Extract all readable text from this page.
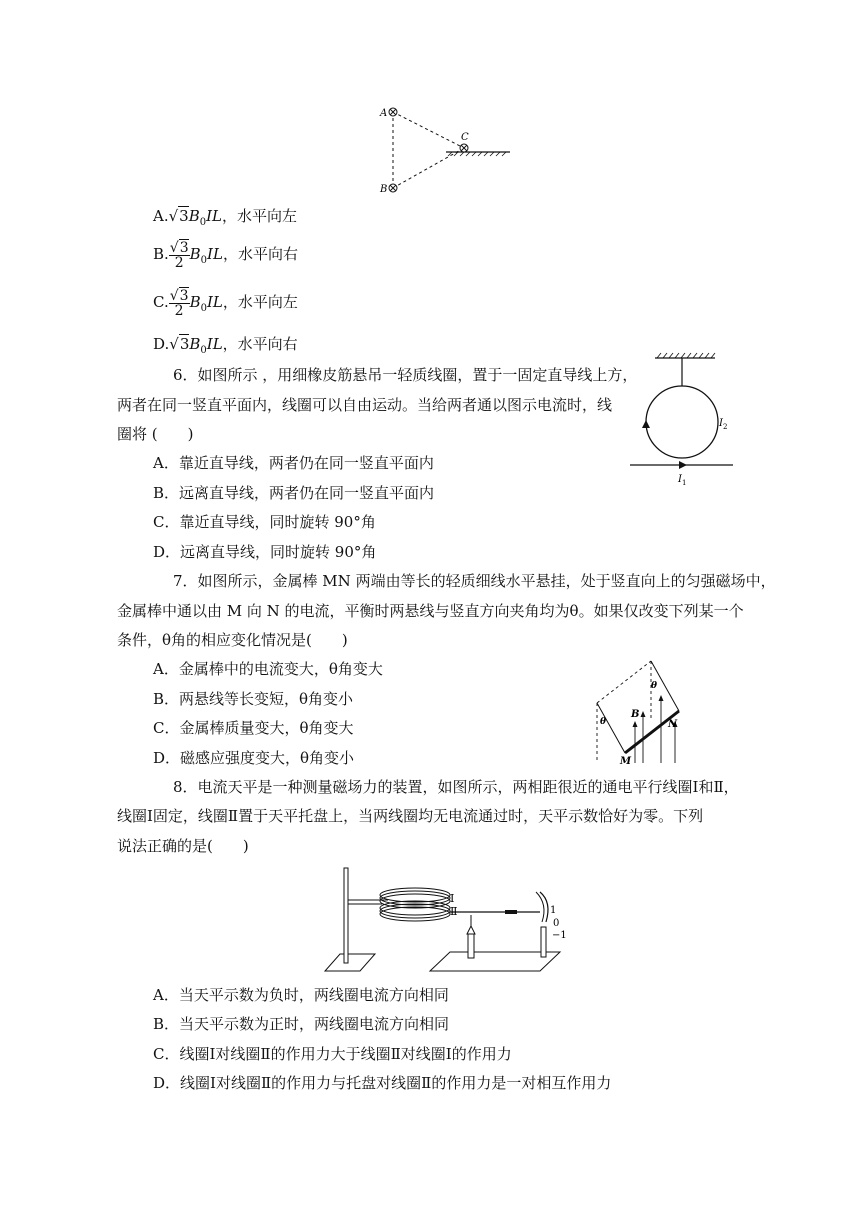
A
B
C
$A.√3B_0IL$，水平向左
B. $\frac{√3}{2} B_0IL$，水平向右
C. $\frac{√3}{2} B_0IL$，水平向左
$D.√3B_0IL$，水平向右
6．如图所示 ，用细橡皮筋悬吊一轻质线圈，置于一固定直导线上方，
两者在同一竖直平面内，线圈可以自由运动。当给两者通以图示电流时，线
圈将 (　　)
A．靠近直导线，两者仍在同一竖直平面内
B．远离直导线，两者仍在同一竖直平面内
C．靠近直导线，同时旋转 90°角
D．远离直导线，同时旋转 90°角
I 2
I 1
7．如图所示，金属棒 MN 两端由等长的轻质细线水平悬挂，处于竖直向上的匀强磁场中，
金属棒中通以由 M 向 N 的电流，平衡时两悬线与竖直方向夹角均为θ。如果仅改变下列某一个
条件，θ角的相应变化情况是(　　)
A．金属棒中的电流变大，θ角变大
B．两悬线等长变短，θ角变小
C．金属棒质量变大，θ角变大
D．磁感应强度变大，θ角变小
θ
θ
B
N
M
8．电流天平是一种测量磁场力的装置，如图所示，两相距很近的通电平行线圈Ⅰ和Ⅱ，
线圈Ⅰ固定，线圈Ⅱ置于天平托盘上，当两线圈均无电流通过时，天平示数恰好为零。下列
说法正确的是(　　)
Ⅰ
Ⅱ	1
0
−1
A．当天平示数为负时，两线圈电流方向相同
B．当天平示数为正时，两线圈电流方向相同
C．线圈Ⅰ对线圈Ⅱ的作用力大于线圈Ⅱ对线圈Ⅰ的作用力
D．线圈Ⅰ对线圈Ⅱ的作用力与托盘对线圈Ⅱ的作用力是一对相互作用力
